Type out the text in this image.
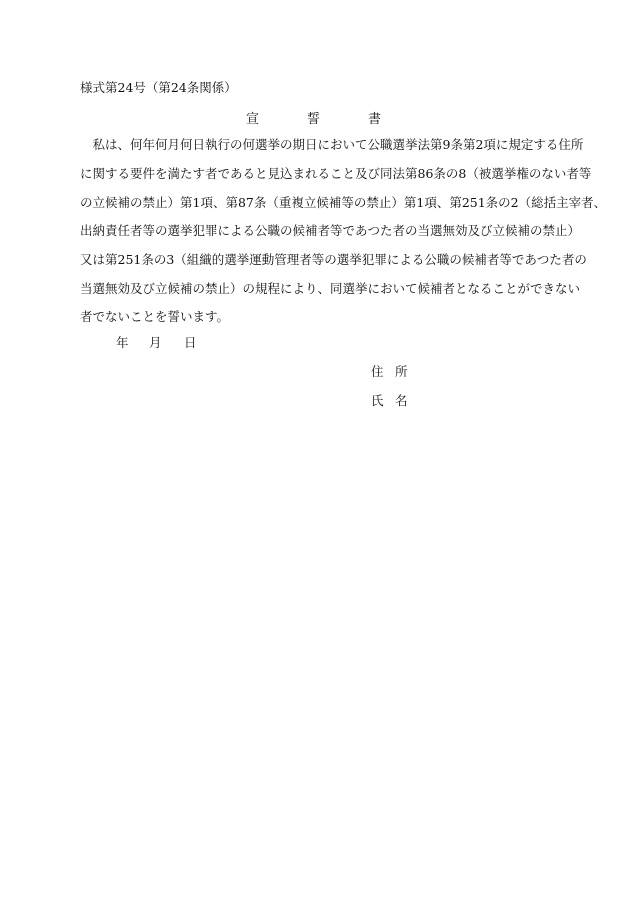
様式第24号（第24条関係）
宣	誓	書
　私は、何年何月何日執行の何選挙の期日において公職選挙法第9条第2項に規定する住所
に関する要件を満たす者であると見込まれること及び同法第86条の8（被選挙権のない者等
の立候補の禁止）第1項、第87条（重複立候補等の禁止）第1項、第251条の2（総括主宰者、
出納責任者等の選挙犯罪による公職の候補者等であつた者の当選無効及び立候補の禁止）
又は第251条の3（組織的選挙運動管理者等の選挙犯罪による公職の候補者等であつた者の
当選無効及び立候補の禁止）の規程により、同選挙において候補者となることができない
者でないことを誓います。
年 月 日
住 所
氏 名
